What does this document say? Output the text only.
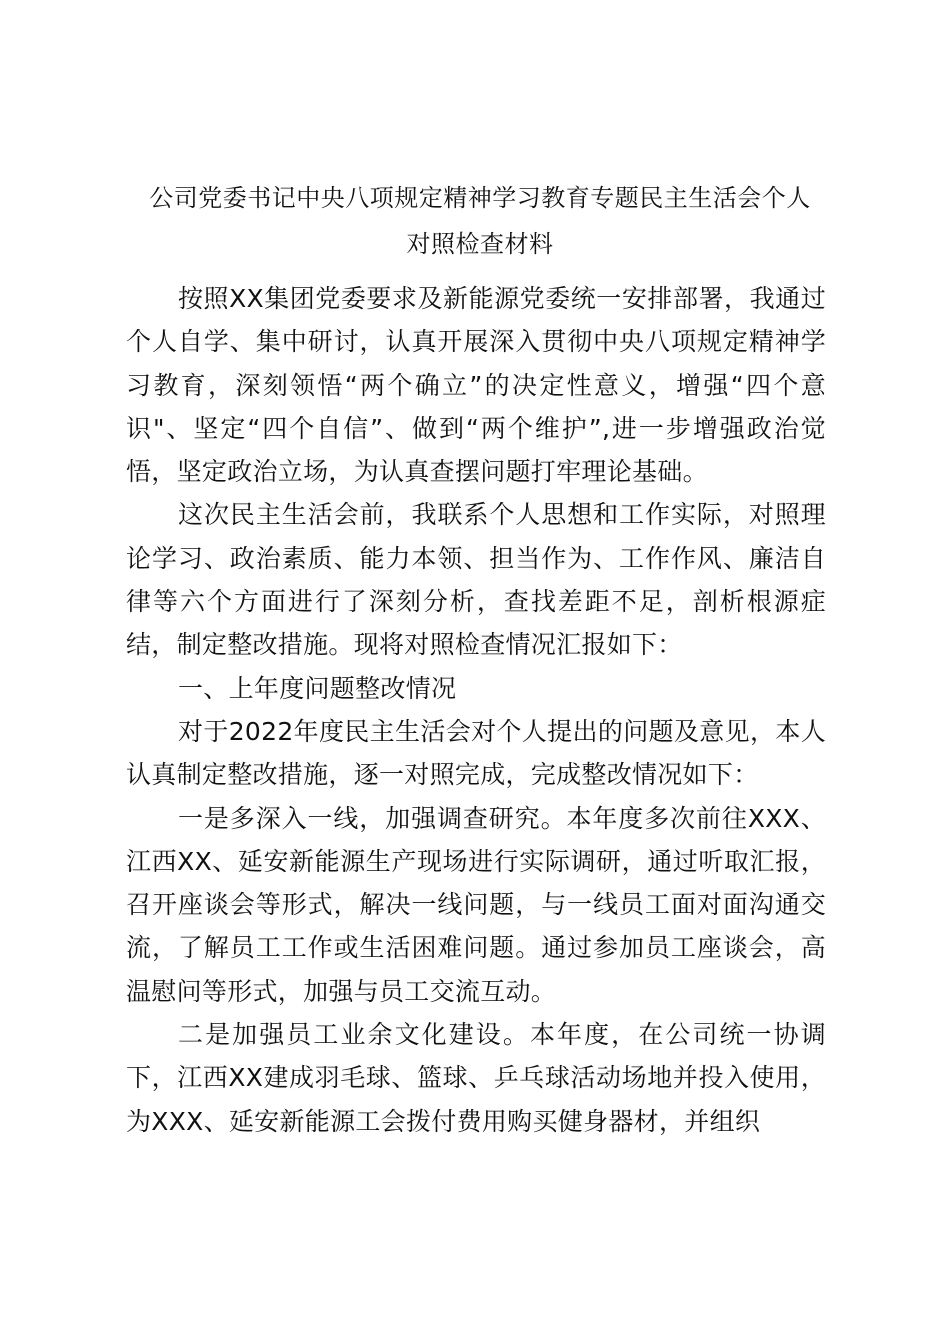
公司党委书记中央八项规定精神学习教育专题民主生活会个人
对照检查材料

按照XX集团党委要求及新能源党委统一安排部署，我通过个人自学、集中研讨，认真开展深入贯彻中央八项规定精神学习教育，深刻领悟“两个确立”的决定性意义，增强“四个意识"、坚定“四个自信”、做到“两个维护”,进一步增强政治觉悟，坚定政治立场，为认真查摆问题打牢理论基础。

这次民主生活会前，我联系个人思想和工作实际，对照理论学习、政治素质、能力本领、担当作为、工作作风、廉洁自律等六个方面进行了深刻分析，查找差距不足，剖析根源症结，制定整改措施。现将对照检查情况汇报如下：

一、上年度问题整改情况

对于2022年度民主生活会对个人提出的问题及意见，本人认真制定整改措施，逐一对照完成，完成整改情况如下：

一是多深入一线，加强调查研究。本年度多次前往XXX、江西XX、延安新能源生产现场进行实际调研，通过听取汇报，召开座谈会等形式，解决一线问题，与一线员工面对面沟通交流，了解员工工作或生活困难问题。通过参加员工座谈会，高温慰问等形式，加强与员工交流互动。

二是加强员工业余文化建设。本年度，在公司统一协调下，江西XX建成羽毛球、篮球、乒乓球活动场地并投入使用，为XXX、延安新能源工会拨付费用购买健身器材，并组织
